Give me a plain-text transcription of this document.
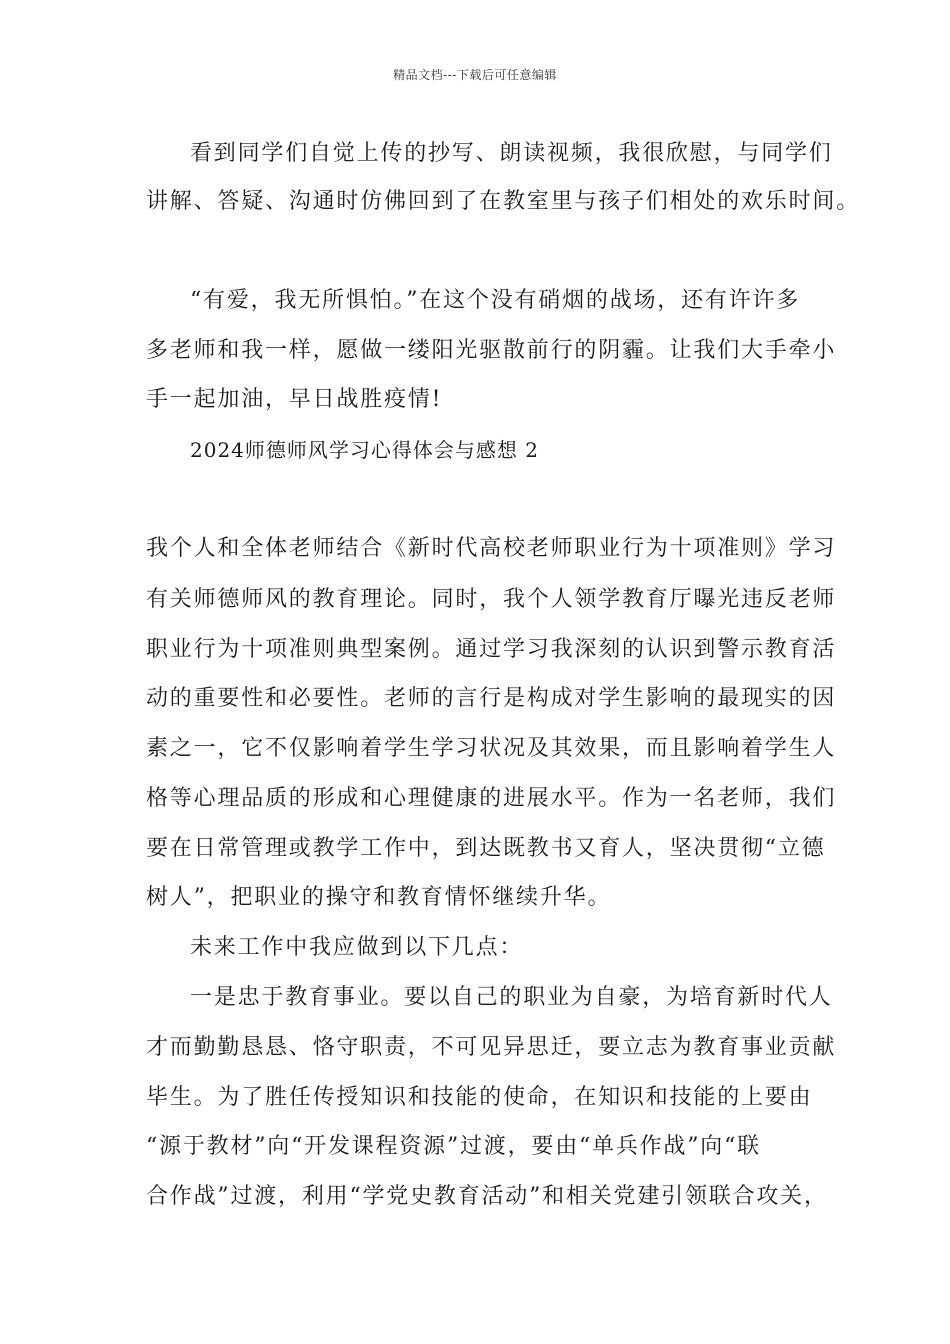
精品文档---下载后可任意编辑
看到同学们自觉上传的抄写、朗读视频，我很欣慰，与同学们
讲解、答疑、沟通时仿佛回到了在教室里与孩子们相处的欢乐时间。
“有爱，我无所惧怕。”在这个没有硝烟的战场，还有许许多
多老师和我一样，愿做一缕阳光驱散前行的阴霾。让我们大手牵小
手一起加油，早日战胜疫情!
2024师德师风学习心得体会与感想 2
我个人和全体老师结合《新时代高校老师职业行为十项准则》学习
有关师德师风的教育理论。同时，我个人领学教育厅曝光违反老师
职业行为十项准则典型案例。通过学习我深刻的认识到警示教育活
动的重要性和必要性。老师的言行是构成对学生影响的最现实的因
素之一，它不仅影响着学生学习状况及其效果，而且影响着学生人
格等心理品质的形成和心理健康的进展水平。作为一名老师，我们
要在日常管理或教学工作中，到达既教书又育人，坚决贯彻“立德
树人”，把职业的操守和教育情怀继续升华。
未来工作中我应做到以下几点：
一是忠于教育事业。要以自己的职业为自豪，为培育新时代人
才而勤勤恳恳、恪守职责，不可见异思迁，要立志为教育事业贡献
毕生。为了胜任传授知识和技能的使命，在知识和技能的上要由
“源于教材”向“开发课程资源”过渡，要由“单兵作战”向“联
合作战”过渡，利用“学党史教育活动”和相关党建引领联合攻关，
